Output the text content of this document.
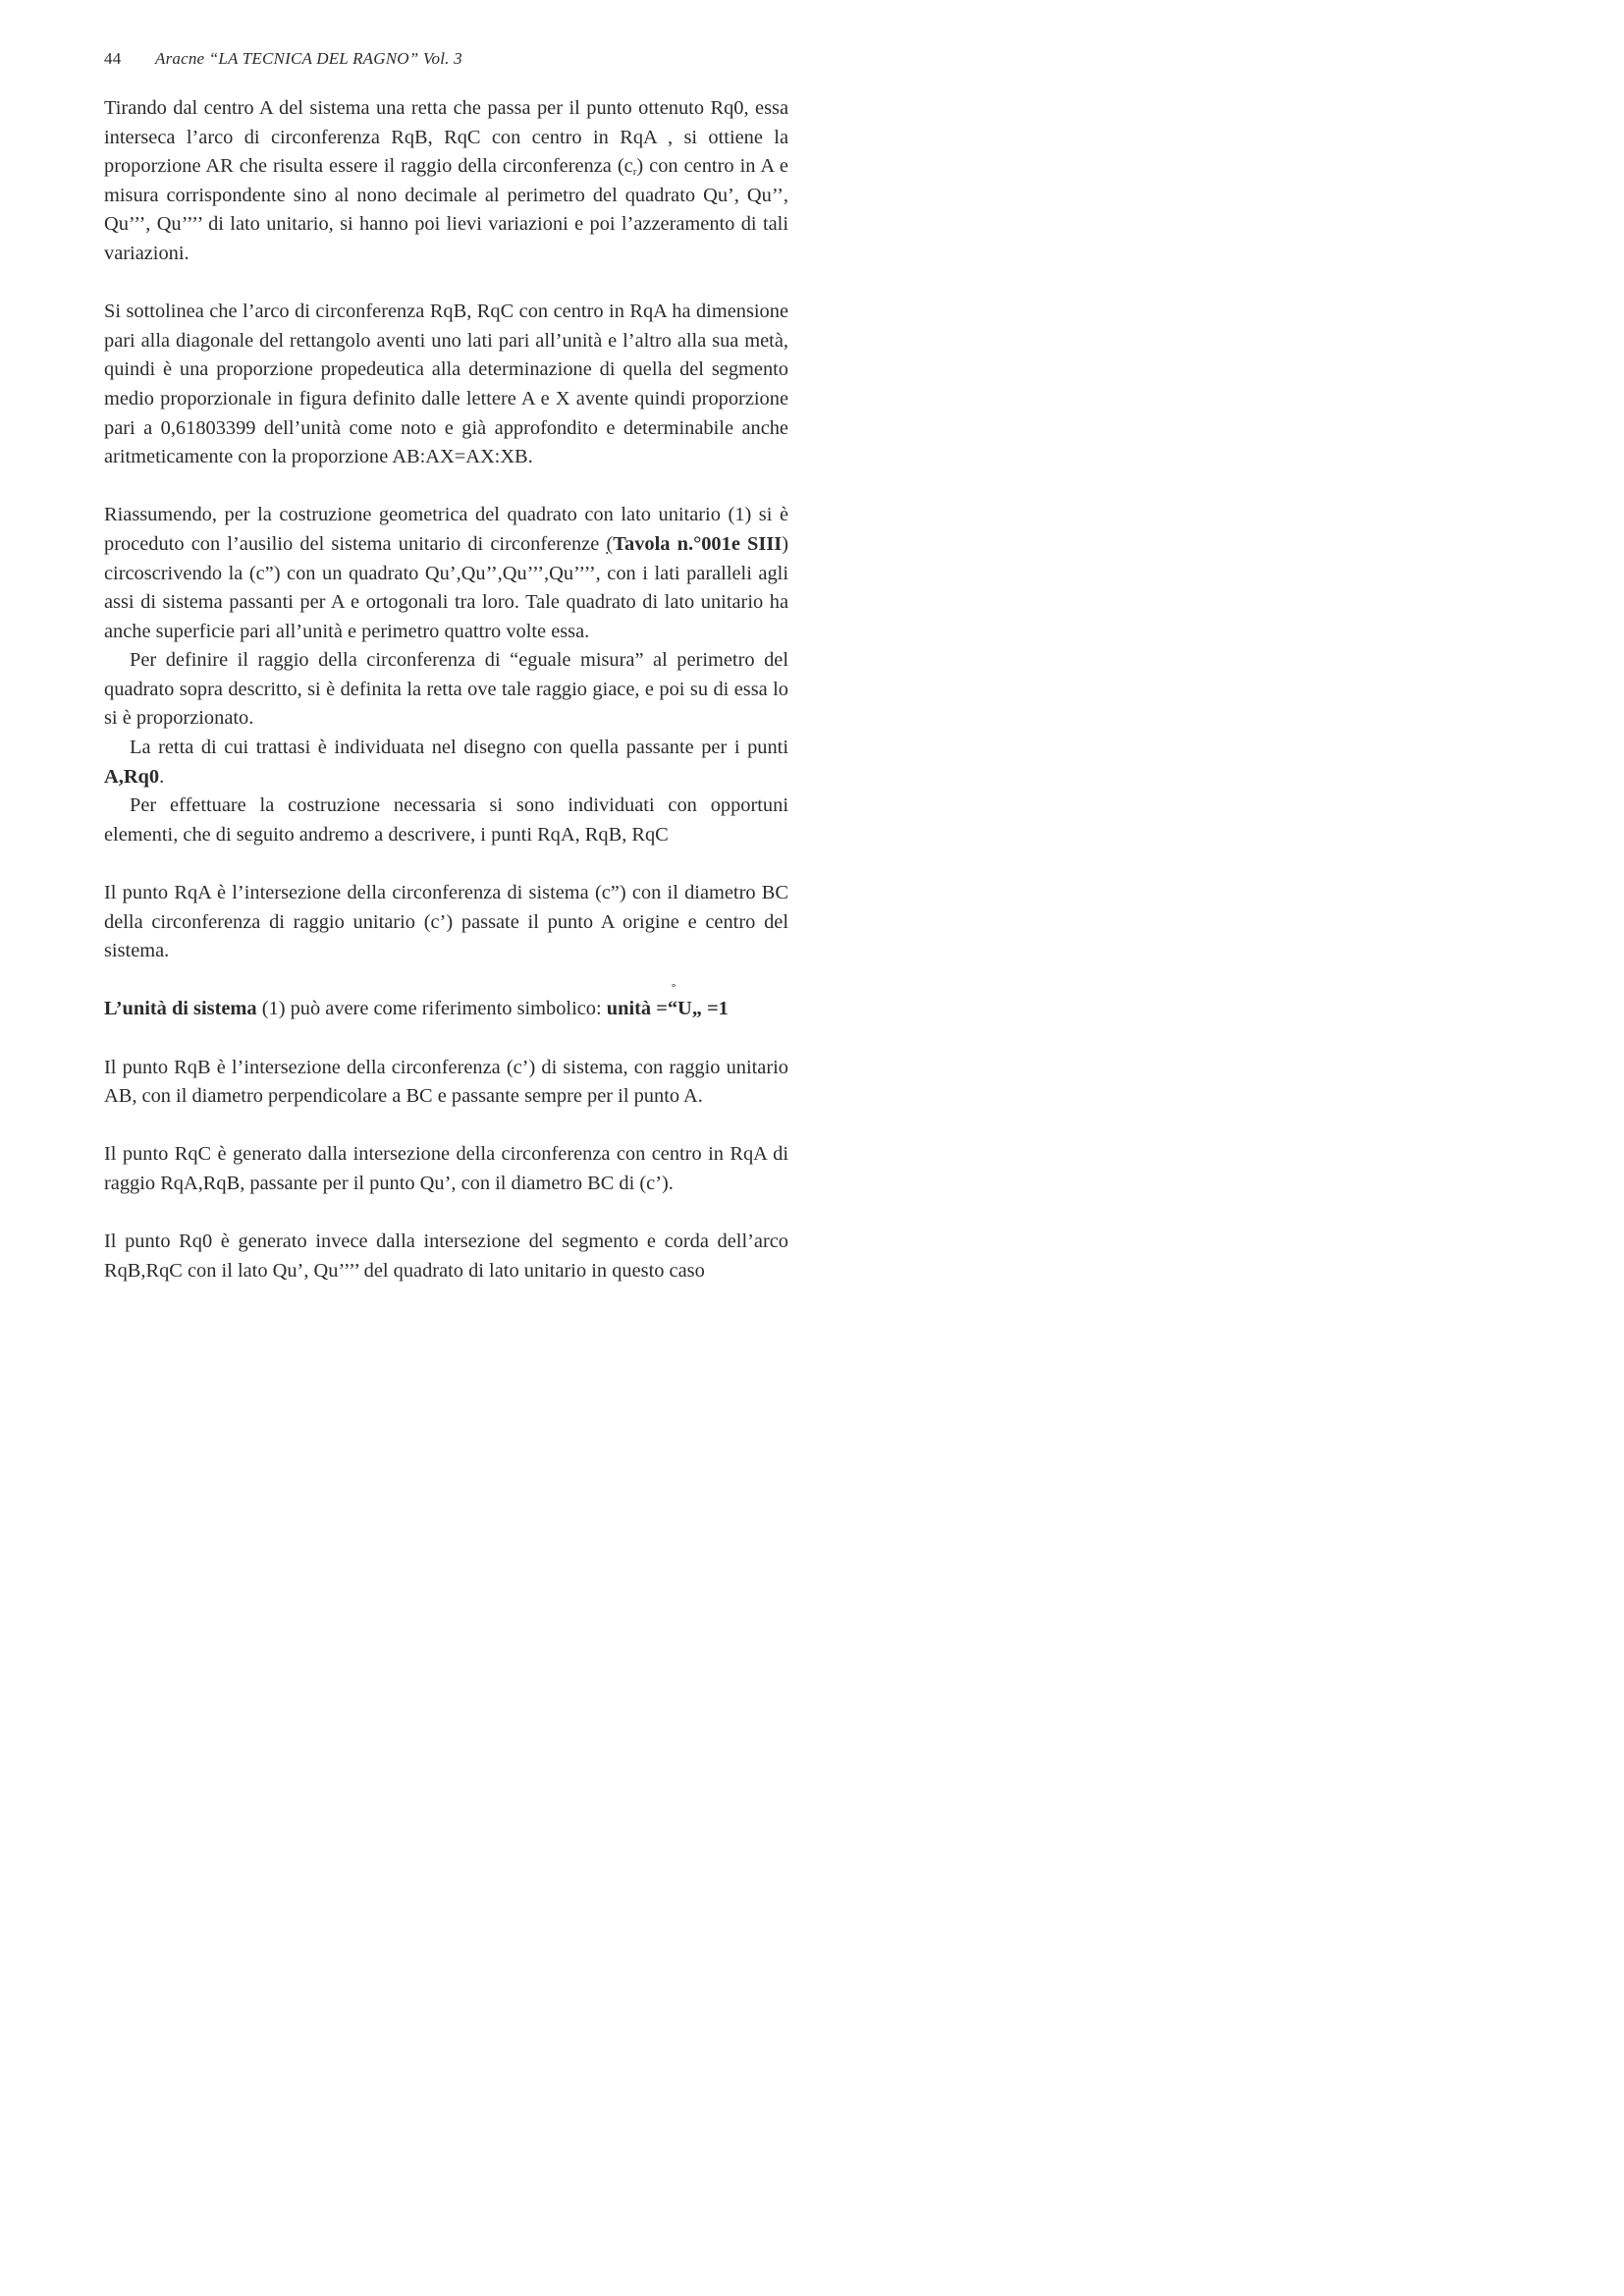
44 Aracne “LA TECNICA DEL RAGNO” Vol. 3

Tirando dal centro A del sistema una retta che passa per il punto ottenuto Rq0, essa interseca l’arco di circonferenza RqB, RqC con centro in RqA , si ottiene la proporzione AR che risulta essere il raggio della circonferenza $(c_r)$ con centro in A e misura corrispondente sino al nono decimale al perimetro del quadrato Qu’, Qu’’, Qu’’’, Qu’’’’ di lato unitario, si hanno poi lievi variazioni e poi l’azzeramento di tali variazioni.

Si sottolinea che l’arco di circonferenza RqB, RqC con centro in RqA ha dimensione pari alla diagonale del rettangolo aventi uno lati pari all’unità e l’altro alla sua metà, quindi è una proporzione propedeutica alla determinazione di quella del segmento medio proporzionale in figura definito dalle lettere A e X avente quindi proporzione pari a 0,61803399 dell’unità come noto e già approfondito e determinabile anche aritmeticamente con la proporzione AB:AX=AX:XB.

Riassumendo, per la costruzione geometrica del quadrato con lato unitario (1) si è proceduto con l’ausilio del sistema unitario di circonferenze (Tavola n.°001e SIII) circoscrivendo la (c”) con un quadrato Qu’,Qu’’,Qu’’’,Qu’’’’, con i lati paralleli agli assi di sistema passanti per A e ortogonali tra loro. Tale quadrato di lato unitario ha anche superficie pari all’unità e perimetro quattro volte essa.

Per definire il raggio della circonferenza di “eguale misura” al perimetro del quadrato sopra descritto, si è definita la retta ove tale raggio giace, e poi su di essa lo si è proporzionato.

La retta di cui trattasi è individuata nel disegno con quella passante per i punti A,Rq0.

Per effettuare la costruzione necessaria si sono individuati con opportuni elementi, che di seguito andremo a descrivere, i punti RqA, RqB, RqC

Il punto RqA è l’intersezione della circonferenza di sistema (c”) con il diametro BC della circonferenza di raggio unitario (c’) passate il punto A origine e centro del sistema.

L’unità di sistema (1) può avere come riferimento simbolico: unità =“
°
U„ =1

Il punto RqB è l’intersezione della circonferenza (c’) di sistema, con raggio unitario AB, con il diametro perpendicolare a BC e passante sempre per il punto A.

Il punto RqC è generato dalla intersezione della circonferenza con centro in RqA di raggio RqA,RqB, passante per il punto Qu’, con il diametro BC di (c’).

Il punto Rq0 è generato invece dalla intersezione del segmento e corda dell’arco RqB,RqC con il lato Qu’, Qu’’’’ del quadrato di lato unitario in questo caso
